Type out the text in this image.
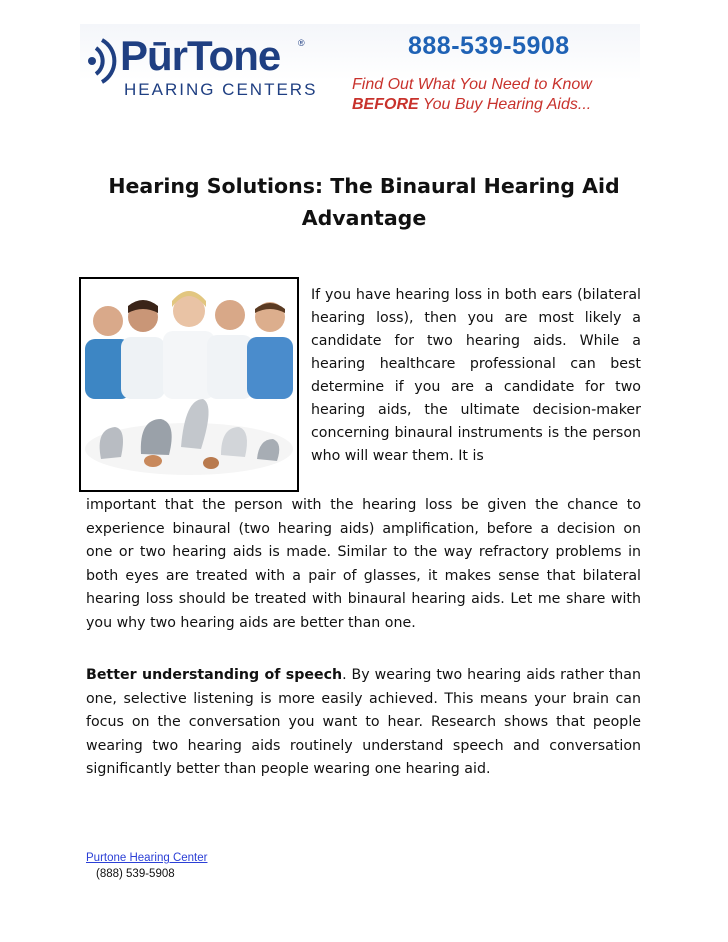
PūrTone ®
HEARING CENTERS
888-539-5908
Find Out What You Need to Know
BEFORE You Buy Hearing Aids...
Hearing Solutions: The Binaural Hearing Aid Advantage
If you have hearing loss in both ears (bilateral hearing loss), then you are most likely a candidate for two hearing aids. While a hearing healthcare professional can best determine if you are a candidate for two hearing aids, the ultimate decision-maker concerning binaural instruments is the person who will wear them. It is
important that the person with the hearing loss be given the chance to experience binaural (two hearing aids) amplification, before a decision on one or two hearing aids is made. Similar to the way refractory problems in both eyes are treated with a pair of glasses, it makes sense that bilateral hearing loss should be treated with binaural hearing aids. Let me share with you why two hearing aids are better than one.
Better understanding of speech. By wearing two hearing aids rather than one, selective listening is more easily achieved. This means your brain can focus on the conversation you want to hear. Research shows that people wearing two hearing aids routinely understand speech and conversation significantly better than people wearing one hearing aid.
Purtone Hearing Center
(888) 539-5908
